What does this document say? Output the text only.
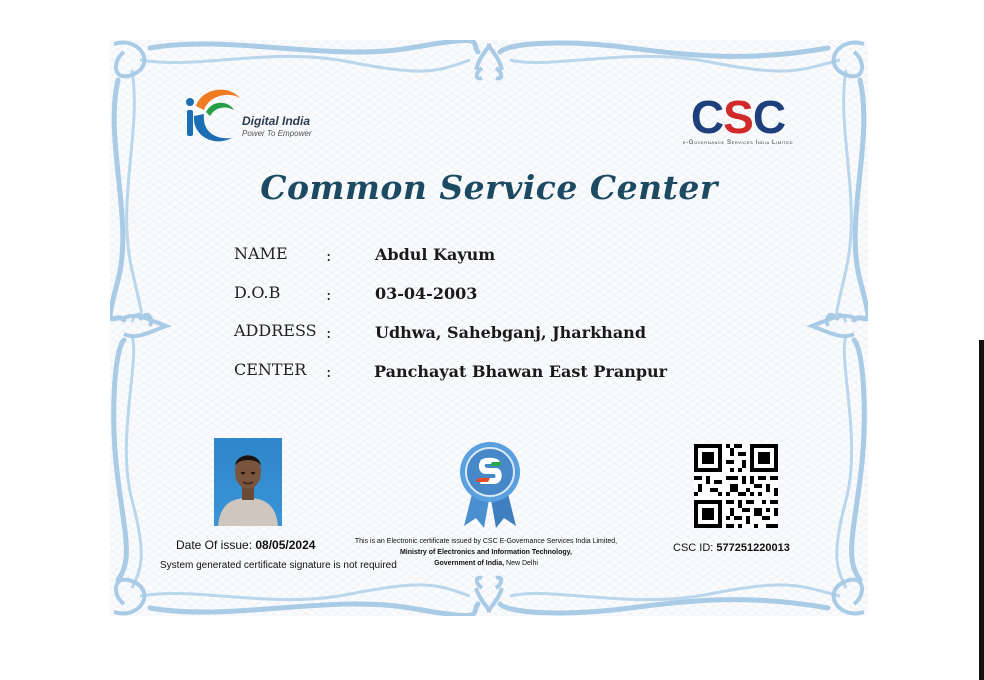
Digital India
Power To Empower	CSC
e-Governance Services India Limited
Common Service Center
NAME :	Abdul Kayum
D.O.B	:	03-04-2003
ADDRESS :	Udhwa, Sahebganj, Jharkhand
CENTER :	Panchayat Bhawan East Pranpur
Date Of issue: 08/05/2024
System generated certificate signature is not required
This is an Electronic certificate issued by CSC E-Governance Services India Limited,
Ministry of Electronics and Information Technology,
Government of India, New Delhi
CSC ID: 577251220013
